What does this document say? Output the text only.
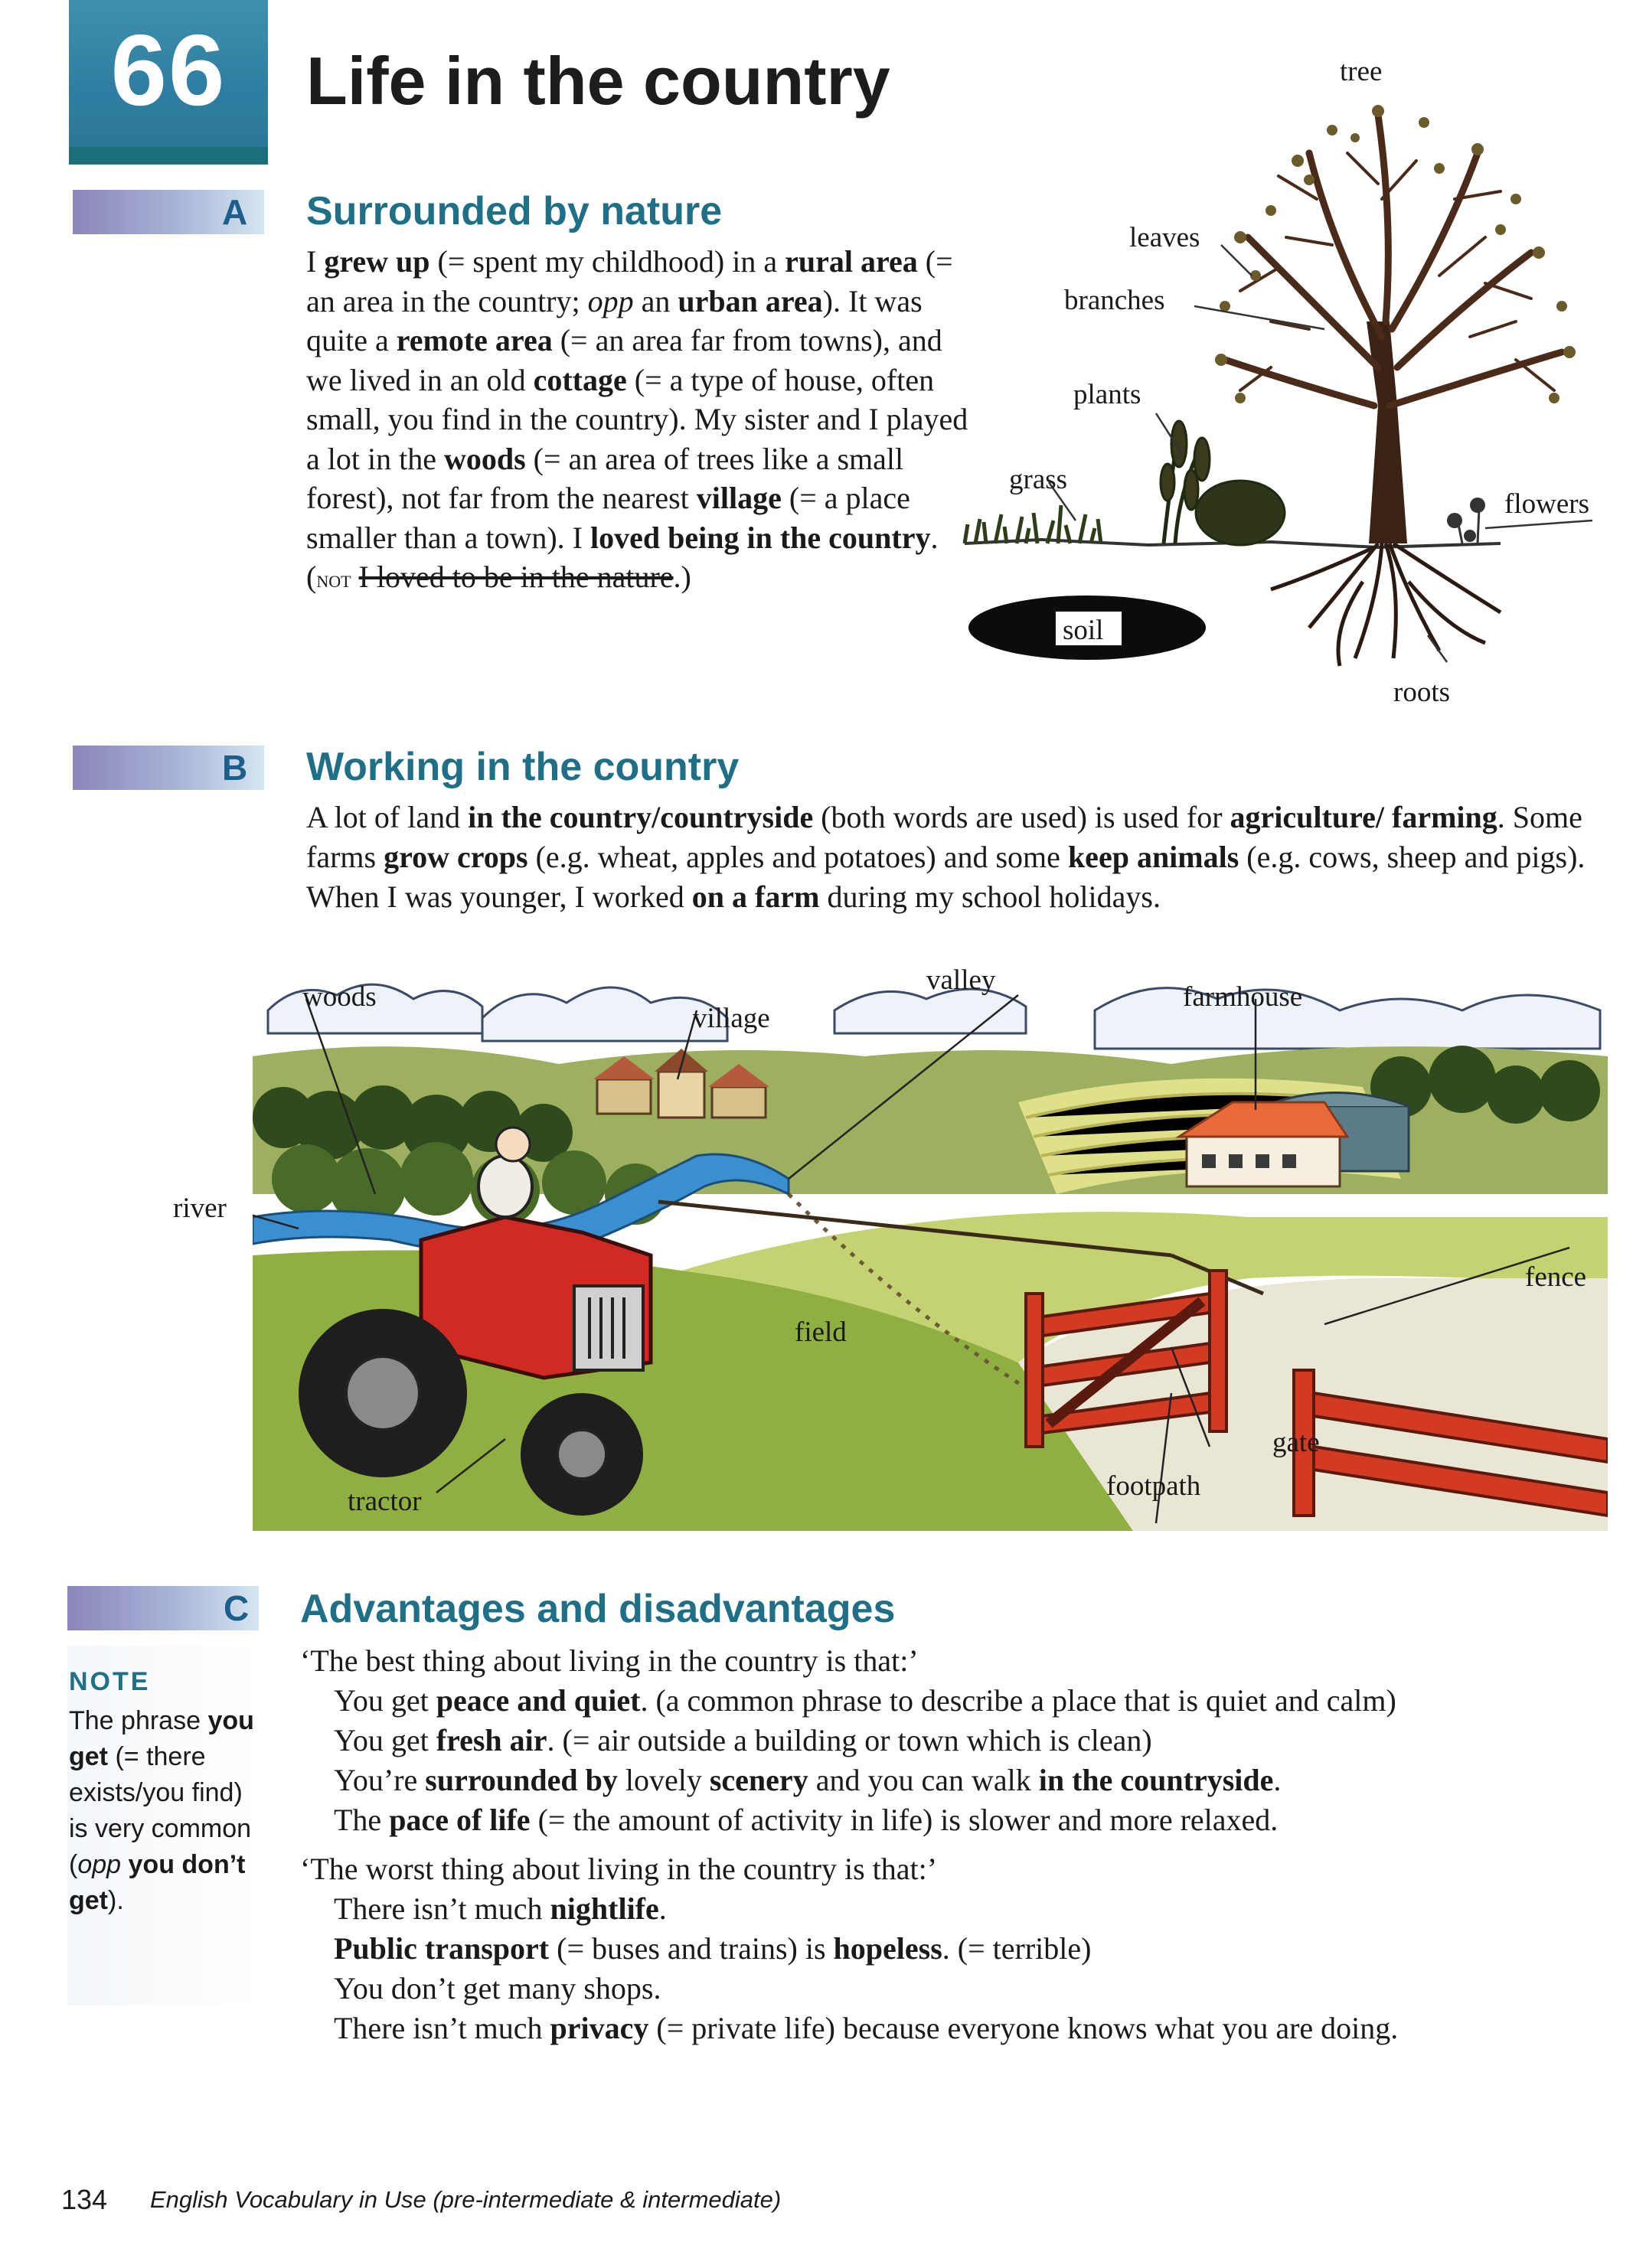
66	Life in the country
A Surrounded by nature
I grew up (= spent my childhood) in a rural area (= an area in the country; opp an urban area). It was quite a remote area (= an area far from towns), and we lived in an old cottage (= a type of house, often small, you find in the country). My sister and I played a lot in the woods (= an area of trees like a small forest), not far from the nearest village (= a place smaller than a town). I loved being in the country. (not I loved to be in the nature.)
tree
leaves
branches
plants
grass
flowers
soil
roots
B Working in the country
A lot of land in the country/countryside (both words are used) is used for agriculture/ farming. Some farms grow crops (e.g. wheat, apples and potatoes) and some keep animals (e.g. cows, sheep and pigs). When I was younger, I worked on a farm during my school holidays.
woods
village
valley
farmhouse
river
field
fence
gate
footpath
tractor
C Advantages and disadvantages
NOTE
The phrase you get (= there exists/you find) is very common (opp you don’t get).
‘The best thing about living in the country is that:’
You get peace and quiet. (a common phrase to describe a place that is quiet and calm)
You get fresh air. (= air outside a building or town which is clean)
You’re surrounded by lovely scenery and you can walk in the countryside.
The pace of life (= the amount of activity in life) is slower and more relaxed.
‘The worst thing about living in the country is that:’
There isn’t much nightlife.
Public transport (= buses and trains) is hopeless. (= terrible)
You don’t get many shops.
There isn’t much privacy (= private life) because everyone knows what you are doing.
134 English Vocabulary in Use (pre-intermediate & intermediate)
